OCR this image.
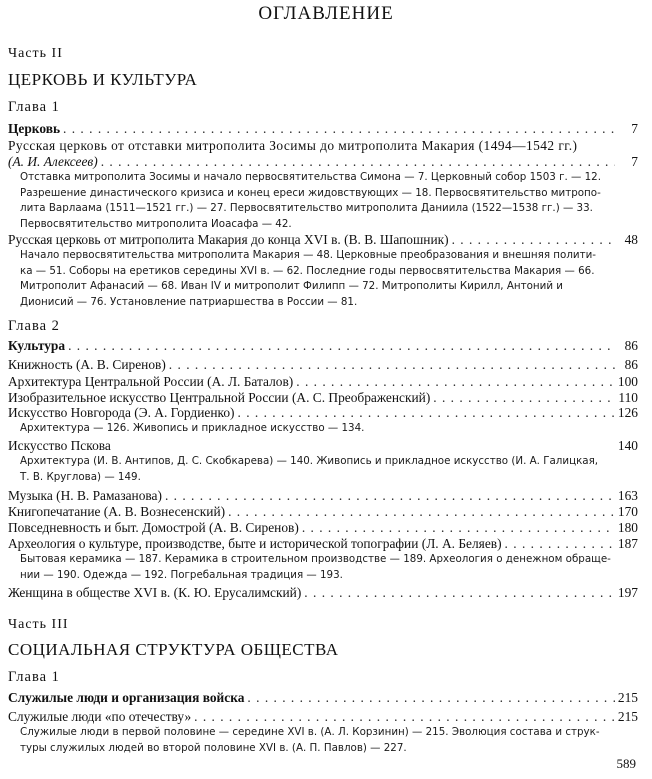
ОГЛАВЛЕНИЕ
Часть II
ЦЕРКОВЬ И КУЛЬТУРА
Глава 1
Церковь . . .	7
Русская церковь от отставки митрополита Зосимы до митрополита Макария (1494—1542 гг.)
(А. И. Алексеев) . . .	7
Отставка митрополита Зосимы и начало первосвятительства Симона — 7. Церковный собор 1503 г. — 12.
Разрешение династического кризиса и конец ереси жидовствующих — 18. Первосвятительство митропо-
лита Варлаама (1511—1521 гг.) — 27. Первосвятительство митрополита Даниила (1522—1538 гг.) — 33.
Первосвятительство митрополита Иоасафа — 42.
Русская церковь от митрополита Макария до конца XVI в. (В. В. Шапошник) . . .	48
Начало первосвятительства митрополита Макария — 48. Церковные преобразования и внешняя полити-
ка — 51. Соборы на еретиков середины XVI в. — 62. Последние годы первосвятительства Макария — 66.
Митрополит Афанасий — 68. Иван IV и митрополит Филипп — 72. Митрополиты Кирилл, Антоний и
Дионисий — 76. Установление патриаршества в России — 81.
Глава 2
Культура . . .	86
Книжность (А. В. Сиренов) . . .	86
Архитектура Центральной России (А. Л. Баталов) . . .	100
Изобразительное искусство Центральной России (А. С. Преображенский) . . .	110
Искусство Новгорода (Э. А. Гордиенко) . . .	126
Архитектура — 126. Живопись и прикладное искусство — 134.
Искусство Пскова	140
Архитектура (И. В. Антипов, Д. С. Скобкарева) — 140. Живопись и прикладное искусство (И. А. Галицкая,
Т. В. Круглова) — 149.
Музыка (Н. В. Рамазанова) . . .	163
Книгопечатание (А. В. Вознесенский) . . .	170
Повседневность и быт. Домострой (А. В. Сиренов) . . .	180
Археология о культуре, производстве, быте и исторической топографии (Л. А. Беляев) . . .	187
Бытовая керамика — 187. Керамика в строительном производстве — 189. Археология о денежном обраще-
нии — 190. Одежда — 192. Погребальная традиция — 193.
Женщина в обществе XVI в. (К. Ю. Ерусалимский) . . .	197
Часть III
СОЦИАЛЬНАЯ СТРУКТУРА ОБЩЕСТВА
Глава 1
Служилые люди и организация войска . . .	215
Служилые люди «по отечеству» . . .	215
Служилые люди в первой половине — середине XVI в. (А. Л. Корзинин) — 215. Эволюция состава и струк-
туры служилых людей во второй половине XVI в. (А. П. Павлов) — 227.
589
